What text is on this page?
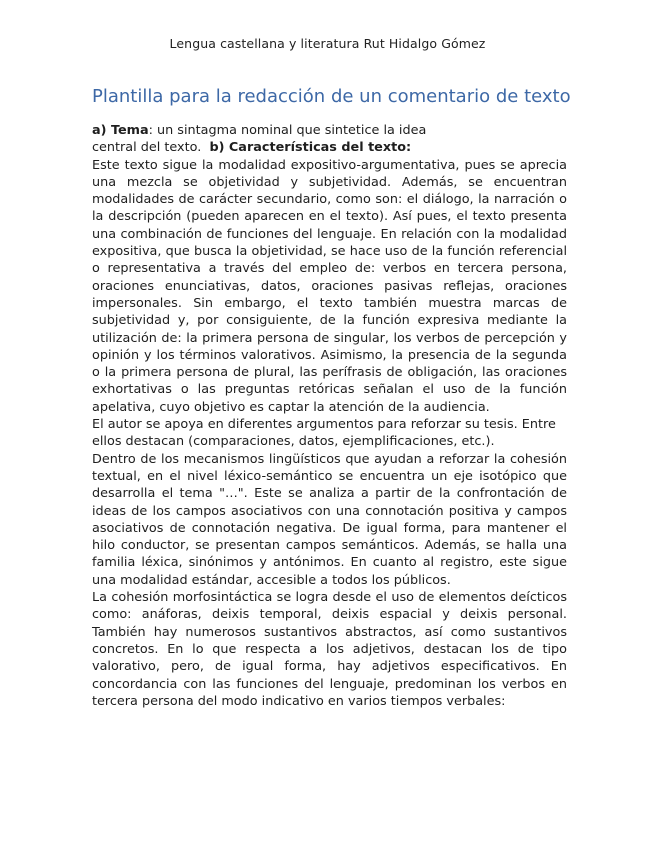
Lengua castellana y literatura Rut Hidalgo Gómez
Plantilla para la redacción de un comentario de texto
a) Tema: un sintagma nominal que sintetice la idea
central del texto.  b) Características del texto:

Este texto sigue la modalidad expositivo-argumentativa, pues se aprecia una mezcla se objetividad y subjetividad. Además, se encuentran modalidades de carácter secundario, como son: el diálogo, la narración o la descripción (pueden aparecen en el texto). Así pues, el texto presenta una combinación de funciones del lenguaje. En relación con la modalidad expositiva, que busca la objetividad, se hace uso de la función referencial o representativa a través del empleo de: verbos en tercera persona, oraciones enunciativas, datos, oraciones pasivas reflejas, oraciones impersonales. Sin embargo, el texto también muestra marcas de subjetividad y, por consiguiente, de la función expresiva mediante la utilización de: la primera persona de singular, los verbos de percepción y opinión y los términos valorativos. Asimismo, la presencia de la segunda o la primera persona de plural, las perífrasis de obligación, las oraciones exhortativas o las preguntas retóricas señalan el uso de la función apelativa, cuyo objetivo es captar la atención de la audiencia.

El autor se apoya en diferentes argumentos para reforzar su tesis. Entre ellos destacan (comparaciones, datos, ejemplificaciones, etc.).

Dentro de los mecanismos lingüísticos que ayudan a reforzar la cohesión textual, en el nivel léxico-semántico se encuentra un eje isotópico que desarrolla el tema "…". Este se analiza a partir de la confrontación de ideas de los campos asociativos con una connotación positiva y campos asociativos de connotación negativa. De igual forma, para mantener el hilo conductor, se presentan campos semánticos. Además, se halla una familia léxica, sinónimos y antónimos. En cuanto al registro, este sigue una modalidad estándar, accesible a todos los públicos.

La cohesión morfosintáctica se logra desde el uso de elementos deícticos como: anáforas, deixis temporal, deixis espacial y deixis personal. También hay numerosos sustantivos abstractos, así como sustantivos concretos. En lo que respecta a los adjetivos, destacan los de tipo valorativo, pero, de igual forma, hay adjetivos especificativos. En concordancia con las funciones del lenguaje, predominan los verbos en tercera persona del modo indicativo en varios tiempos verbales:
